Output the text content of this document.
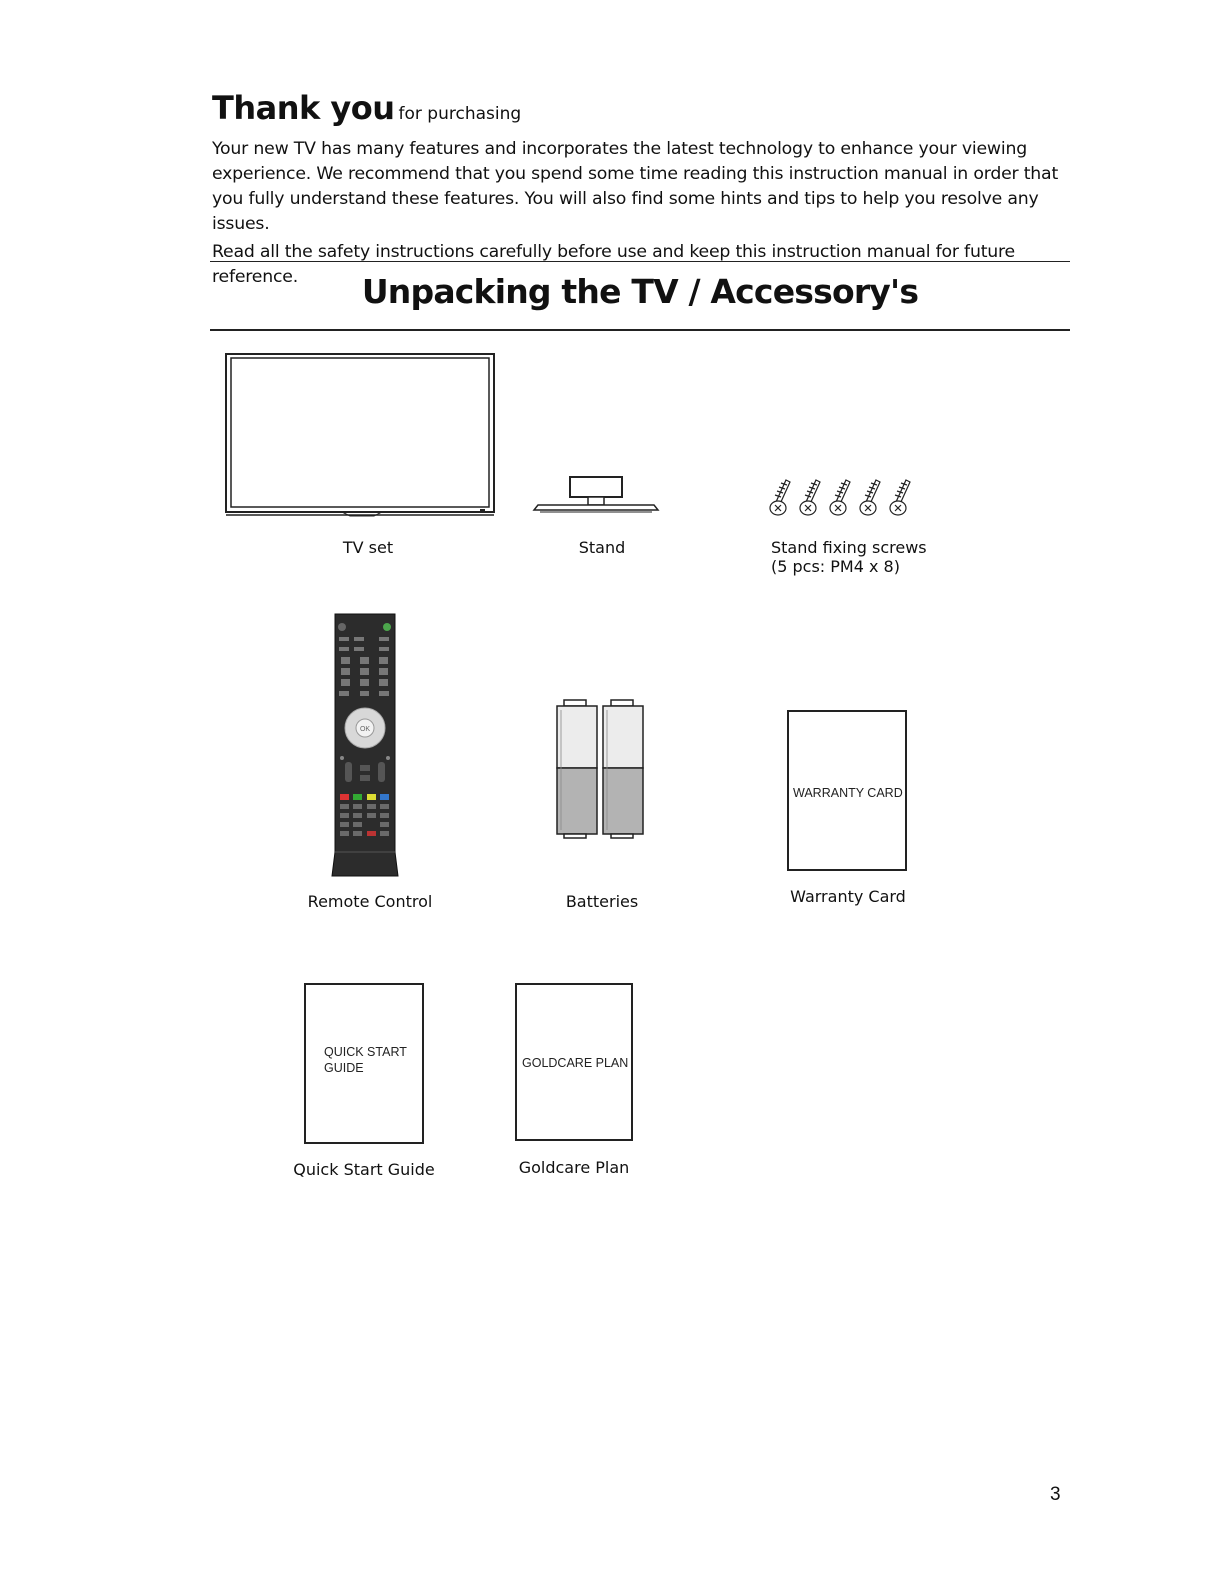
Thank you for purchasing

Your new TV has many features and incorporates the latest technology to enhance your viewing experience. We recommend that you spend some time reading this instruction manual in order that you fully understand these features. You will also find some hints and tips to help you resolve any issues.

Read all the safety instructions carefully before use and keep this instruction manual for future reference.	Unpacking the TV / Accessory's
TV set	Stand	Stand fixing screws
(5 pcs: PM4 x 8)
OK
Remote Control	Batteries
WARRANTY CARD
Warranty Card
QUICK START GUIDE
Quick Start Guide
GOLDCARE PLAN
Goldcare Plan
3
